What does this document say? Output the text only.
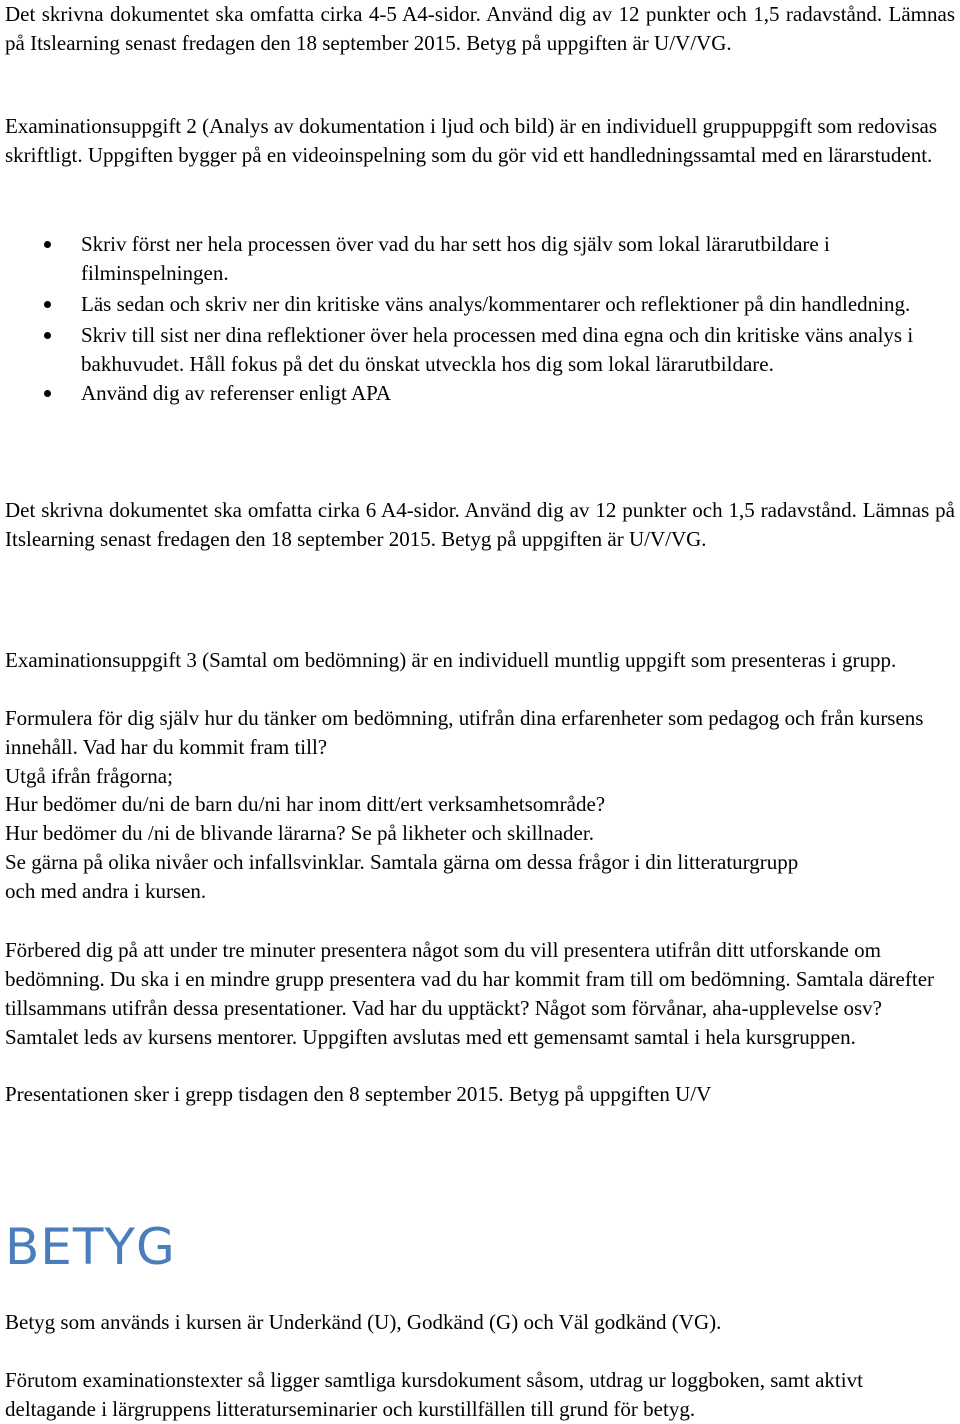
Det skrivna dokumentet ska omfatta cirka 4-5 A4-sidor. Använd dig av 12 punkter och 1,5 radavstånd. Lämnas på Itslearning senast fredagen den 18 september 2015. Betyg på uppgiften är U/V/VG.

Examinationsuppgift 2 (Analys av dokumentation i ljud och bild) är en individuell gruppuppgift som redovisas skriftligt. Uppgiften bygger på en videoinspelning som du gör vid ett handledningssamtal med en lärarstudent.

Skriv först ner hela processen över vad du har sett hos dig själv som lokal lärarutbildare i filminspelningen.
Läs sedan och skriv ner din kritiske väns analys/kommentarer och reflektioner på din handledning.
Skriv till sist ner dina reflektioner över hela processen med dina egna och din kritiske väns analys i bakhuvudet. Håll fokus på det du önskat utveckla hos dig som lokal lärarutbildare.
Använd dig av referenser enligt APA

Det skrivna dokumentet ska omfatta cirka 6 A4-sidor. Använd dig av 12 punkter och 1,5 radavstånd. Lämnas på Itslearning senast fredagen den 18 september 2015. Betyg på uppgiften är U/V/VG.

Examinationsuppgift 3 (Samtal om bedömning) är en individuell muntlig uppgift som presenteras i grupp.

Formulera för dig själv hur du tänker om bedömning, utifrån dina erfarenheter som pedagog och från kursens innehåll. Vad har du kommit fram till?

Utgå ifrån frågorna;

Hur bedömer du/ni de barn du/ni har inom ditt/ert verksamhetsområde?

Hur bedömer du /ni de blivande lärarna? Se på likheter och skillnader.

Se gärna på olika nivåer och infallsvinklar. Samtala gärna om dessa frågor i din litteraturgrupp och med andra i kursen.

Förbered dig på att under tre minuter presentera något som du vill presentera utifrån ditt utforskande om bedömning. Du ska i en mindre grupp presentera vad du har kommit fram till om bedömning. Samtala därefter tillsammans utifrån dessa presentationer. Vad har du upptäckt? Något som förvånar, aha-upplevelse osv? Samtalet leds av kursens mentorer. Uppgiften avslutas med ett gemensamt samtal i hela kursgruppen.

Presentationen sker i grepp tisdagen den 8 september 2015. Betyg på uppgiften U/V

BETYG

Betyg som används i kursen är Underkänd (U), Godkänd (G) och Väl godkänd (VG).

Förutom examinationstexter så ligger samtliga kursdokument såsom, utdrag ur loggboken, samt aktivt deltagande i lärgruppens litteraturseminarier och kurstillfällen till grund för betyg.
